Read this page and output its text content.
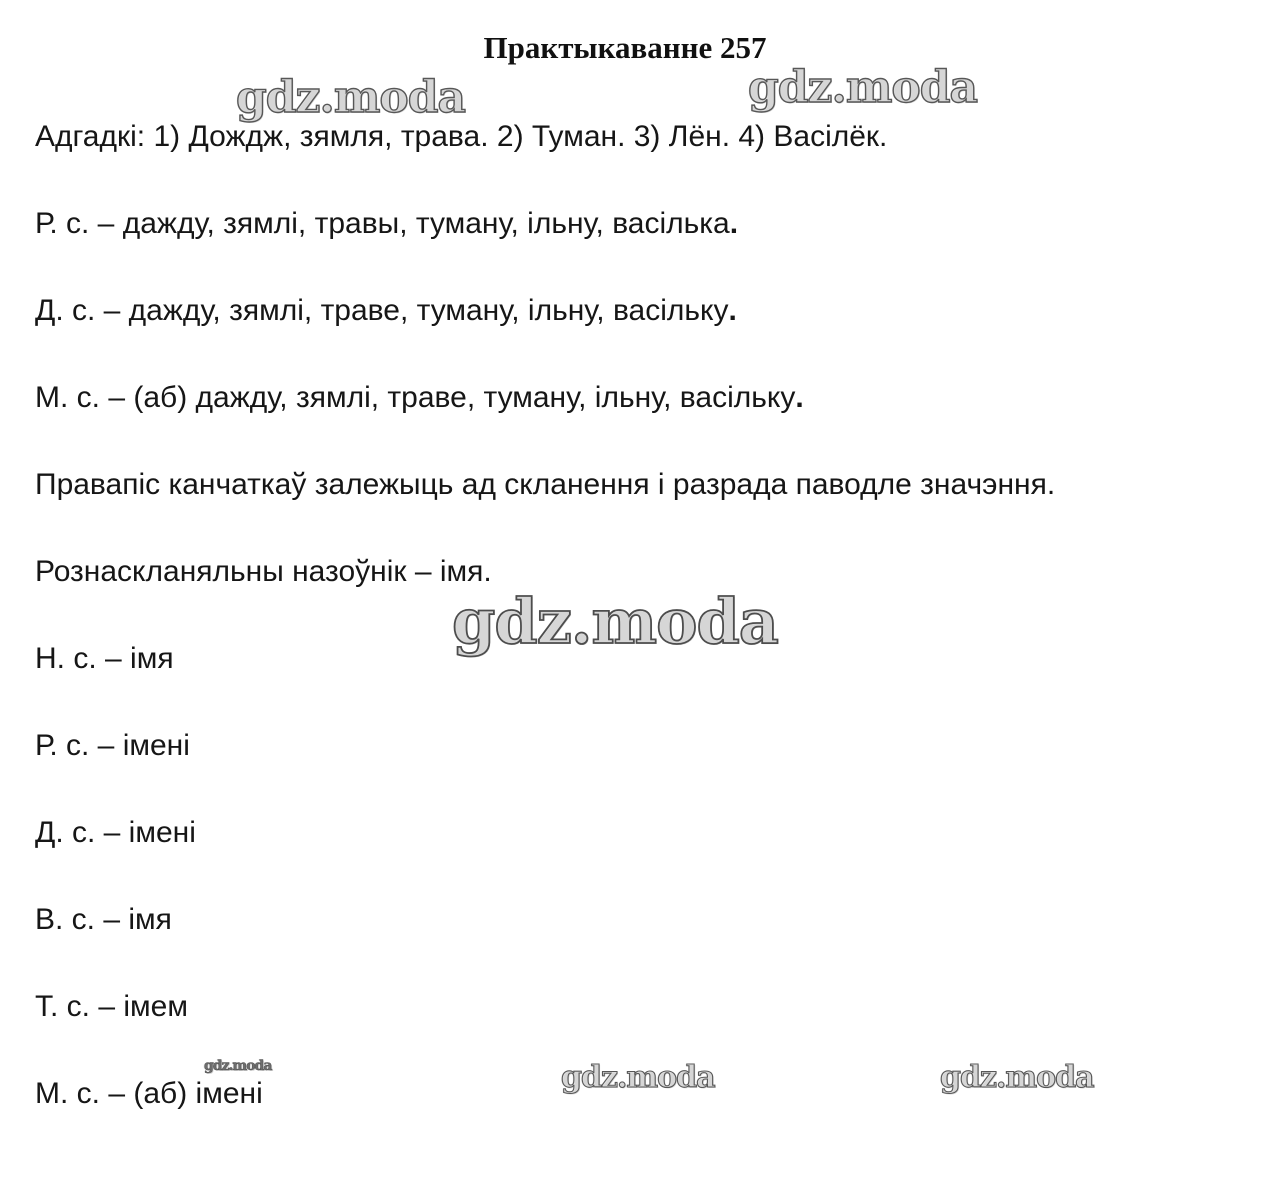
Практыкаванне 257
Адгадкі: 1) Дождж, зямля, трава. 2) Туман. 3) Лён. 4) Васілёк.
Р. с. – дажду, зямлі, травы, туману, ільну, васілька.
Д. с. – дажду, зямлі, траве, туману, ільну, васільку.
М. с. – (аб) дажду, зямлі, траве, туману, ільну, васільку.
Правапіс канчаткаў залежыць ад скланення і разрада паводле значэння.
Рознаскланяльны назоўнік – імя.
Н. с. – імя
Р. с. – імені
Д. с. – імені
В. с. – імя
Т. с. – імем
М. с. – (аб) імені
gdz.moda	gdz.moda
gdz.moda
gdz.moda	gdz.moda	gdz.moda
